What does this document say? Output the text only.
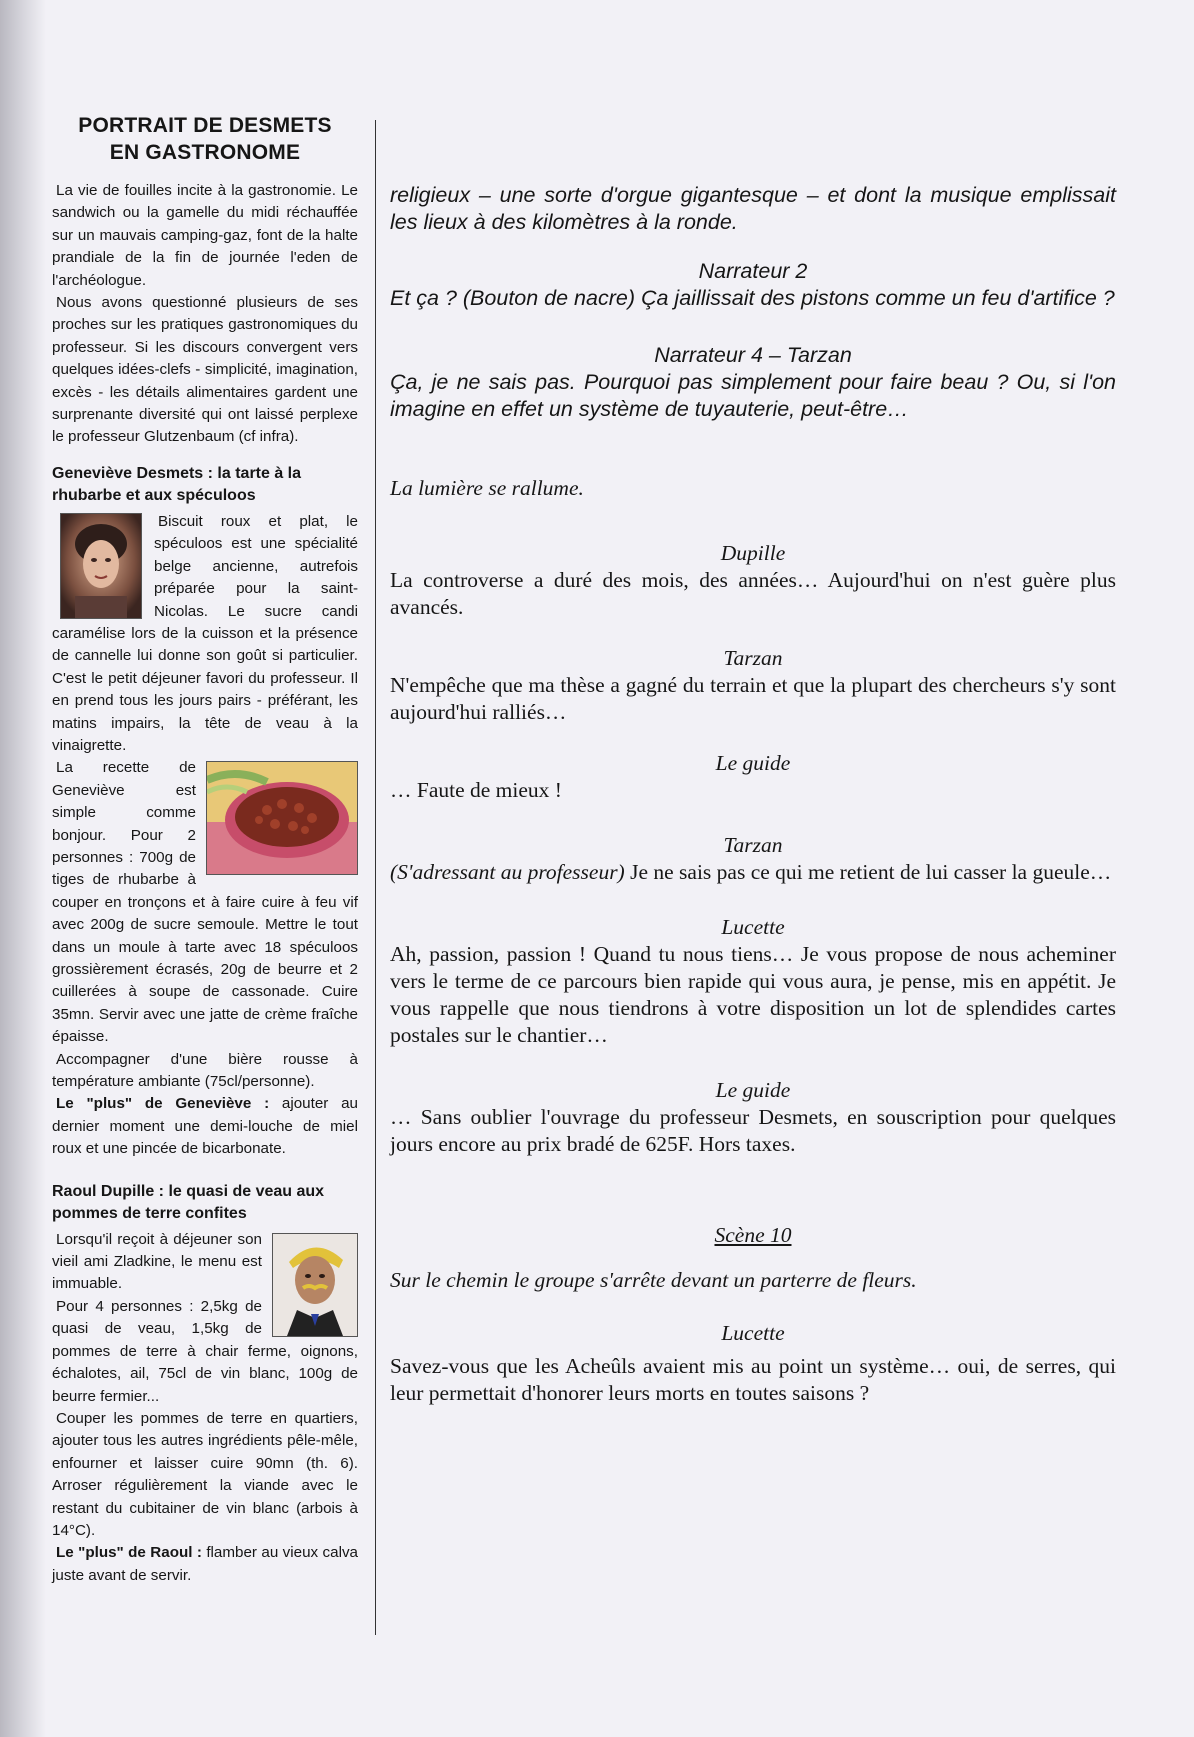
PORTRAIT DE DESMETS
EN GASTRONOME

La vie de fouilles incite à la gastronomie. Le sandwich ou la gamelle du midi réchauffée sur un mauvais camping-gaz, font de la halte prandiale de la fin de journée l'eden de l'archéologue.

Nous avons questionné plusieurs de ses proches sur les pratiques gastronomiques du professeur. Si les discours convergent vers quelques idées-clefs - simplicité, imagination, excès - les détails alimentaires gardent une surprenante diversité qui ont laissé perplexe le professeur Glutzenbaum (cf infra).

Geneviève Desmets : la tarte à la rhubarbe et aux spéculoos

Biscuit roux et plat, le spéculoos est une spécialité belge ancienne, autrefois préparée pour la saint-Nicolas. Le sucre candi caramélise lors de la cuisson et la présence de cannelle lui donne son goût si particulier. C'est le petit déjeuner favori du professeur. Il en prend tous les jours pairs - préférant, les matins impairs, la tête de veau à la vinaigrette.

La recette de Geneviève est simple comme bonjour. Pour 2 personnes : 700g de tiges de rhubarbe à couper en tronçons et à faire cuire à feu vif avec 200g de sucre semoule. Mettre le tout dans un moule à tarte avec 18 spéculoos grossièrement écrasés, 20g de beurre et 2 cuillerées à soupe de cassonade. Cuire 35mn. Servir avec une jatte de crème fraîche épaisse.

Accompagner d'une bière rousse à température ambiante (75cl/personne).

Le "plus" de Geneviève : ajouter au dernier moment une demi-louche de miel roux et une pincée de bicarbonate.

Raoul Dupille : le quasi de veau aux pommes de terre confites

Lorsqu'il reçoit à déjeuner son vieil ami Zladkine, le menu est immuable.

Pour 4 personnes : 2,5kg de quasi de veau, 1,5kg de pommes de terre à chair ferme, oignons, échalotes, ail, 75cl de vin blanc, 100g de beurre fermier...

Couper les pommes de terre en quartiers, ajouter tous les autres ingrédients pêle-mêle, enfourner et laisser cuire 90mn (th. 6). Arroser régulièrement la viande avec le restant du cubitainer de vin blanc (arbois à 14°C).

Le "plus" de Raoul : flamber au vieux calva juste avant de servir.

religieux – une sorte d'orgue gigantesque – et dont la musique emplissait les lieux à des kilomètres à la ronde.

Narrateur 2

Et ça ? (Bouton de nacre) Ça jaillissait des pistons comme un feu d'artifice ?

Narrateur 4 – Tarzan

Ça, je ne sais pas. Pourquoi pas simplement pour faire beau ? Ou, si l'on imagine en effet un système de tuyauterie, peut-être…

La lumière se rallume.

Dupille

La controverse a duré des mois, des années… Aujourd'hui on n'est guère plus avancés.

Tarzan

N'empêche que ma thèse a gagné du terrain et que la plupart des chercheurs s'y sont aujourd'hui ralliés…

Le guide

… Faute de mieux !

Tarzan

(S'adressant au professeur) Je ne sais pas ce qui me retient de lui casser la gueule…

Lucette

Ah, passion, passion ! Quand tu nous tiens… Je vous propose de nous acheminer vers le terme de ce parcours bien rapide qui vous aura, je pense, mis en appétit. Je vous rappelle que nous tiendrons à votre disposition un lot de splendides cartes postales sur le chantier…

Le guide

… Sans oublier l'ouvrage du professeur Desmets, en souscription pour quelques jours encore au prix bradé de 625F. Hors taxes.

Scène 10

Sur le chemin le groupe s'arrête devant un parterre de fleurs.

Lucette

Savez-vous que les Acheûls avaient mis au point un système… oui, de serres, qui leur permettait d'honorer leurs morts en toutes saisons ?
